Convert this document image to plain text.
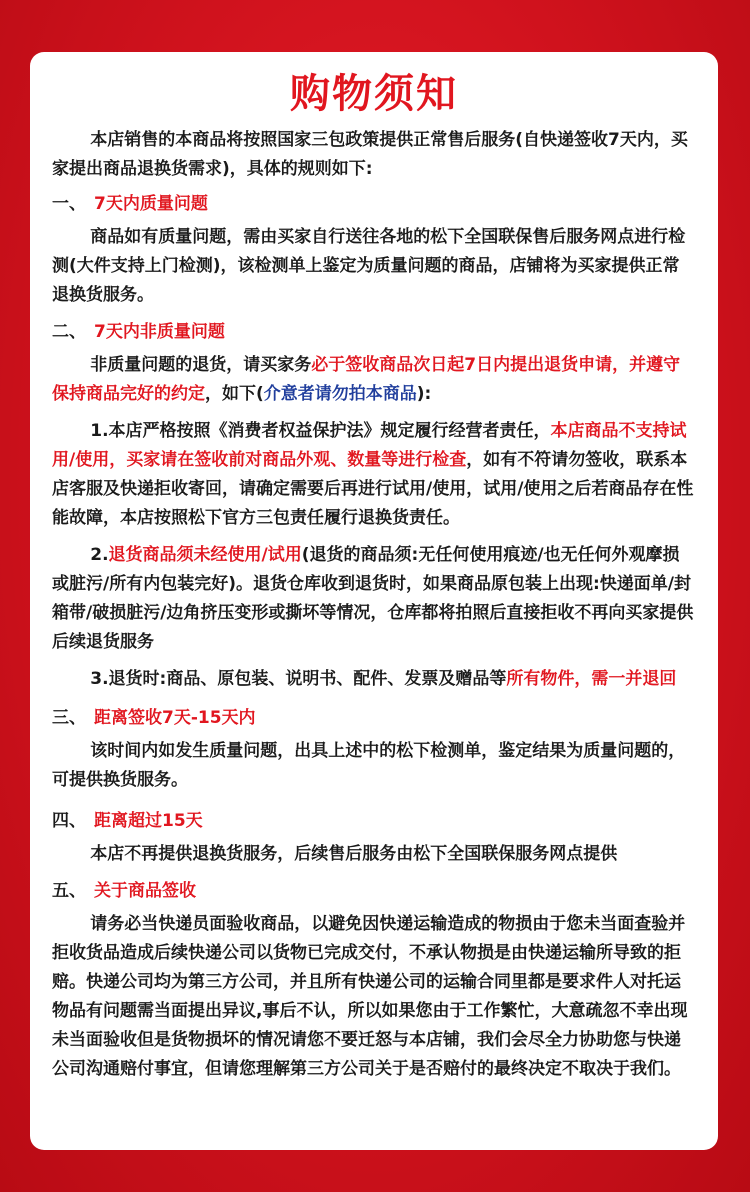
购物须知

本店销售的本商品将按照国家三包政策提供正常售后服务(自快递签收7天内，买家提出商品退换货需求)，具体的规则如下:

一、 7天内质量问题

商品如有质量问题，需由买家自行送往各地的松下全国联保售后服务网点进行检测(大件支持上门检测)，该检测单上鉴定为质量问题的商品，店铺将为买家提供正常退换货服务。

二、 7天内非质量问题

非质量问题的退货，请买家务必于签收商品次日起7日内提出退货申请，并遵守保持商品完好的约定，如下(介意者请勿拍本商品):

1.本店严格按照《消费者权益保护法》规定履行经营者责任，本店商品不支持试用/使用，买家请在签收前对商品外观、数量等进行检查，如有不符请勿签收，联系本店客服及快递拒收寄回，请确定需要后再进行试用/使用，试用/使用之后若商品存在性能故障，本店按照松下官方三包责任履行退换货责任。

2.退货商品须未经使用/试用(退货的商品须:无任何使用痕迹/也无任何外观摩损或脏污/所有内包装完好)。退货仓库收到退货时，如果商品原包装上出现:快递面单/封箱带/破损脏污/边角挤压变形或撕坏等情况，仓库都将拍照后直接拒收不再向买家提供后续退货服务

3.退货时:商品、原包装、说明书、配件、发票及赠品等所有物件，需一并退回

三、 距离签收7天-15天内

该时间内如发生质量问题，出具上述中的松下检测单，鉴定结果为质量问题的，可提供换货服务。

四、 距离超过15天

本店不再提供退换货服务，后续售后服务由松下全国联保服务网点提供

五、 关于商品签收

请务必当快递员面验收商品，以避免因快递运输造成的物损由于您未当面查验并拒收货品造成后续快递公司以货物已完成交付，不承认物损是由快递运输所导致的拒赔。快递公司均为第三方公司，并且所有快递公司的运输合同里都是要求件人对托运物品有问题需当面提出异议,事后不认，所以如果您由于工作繁忙，大意疏忽不幸出现未当面验收但是货物损坏的情况请您不要迁怒与本店铺，我们会尽全力协助您与快递公司沟通赔付事宜，但请您理解第三方公司关于是否赔付的最终决定不取决于我们。
